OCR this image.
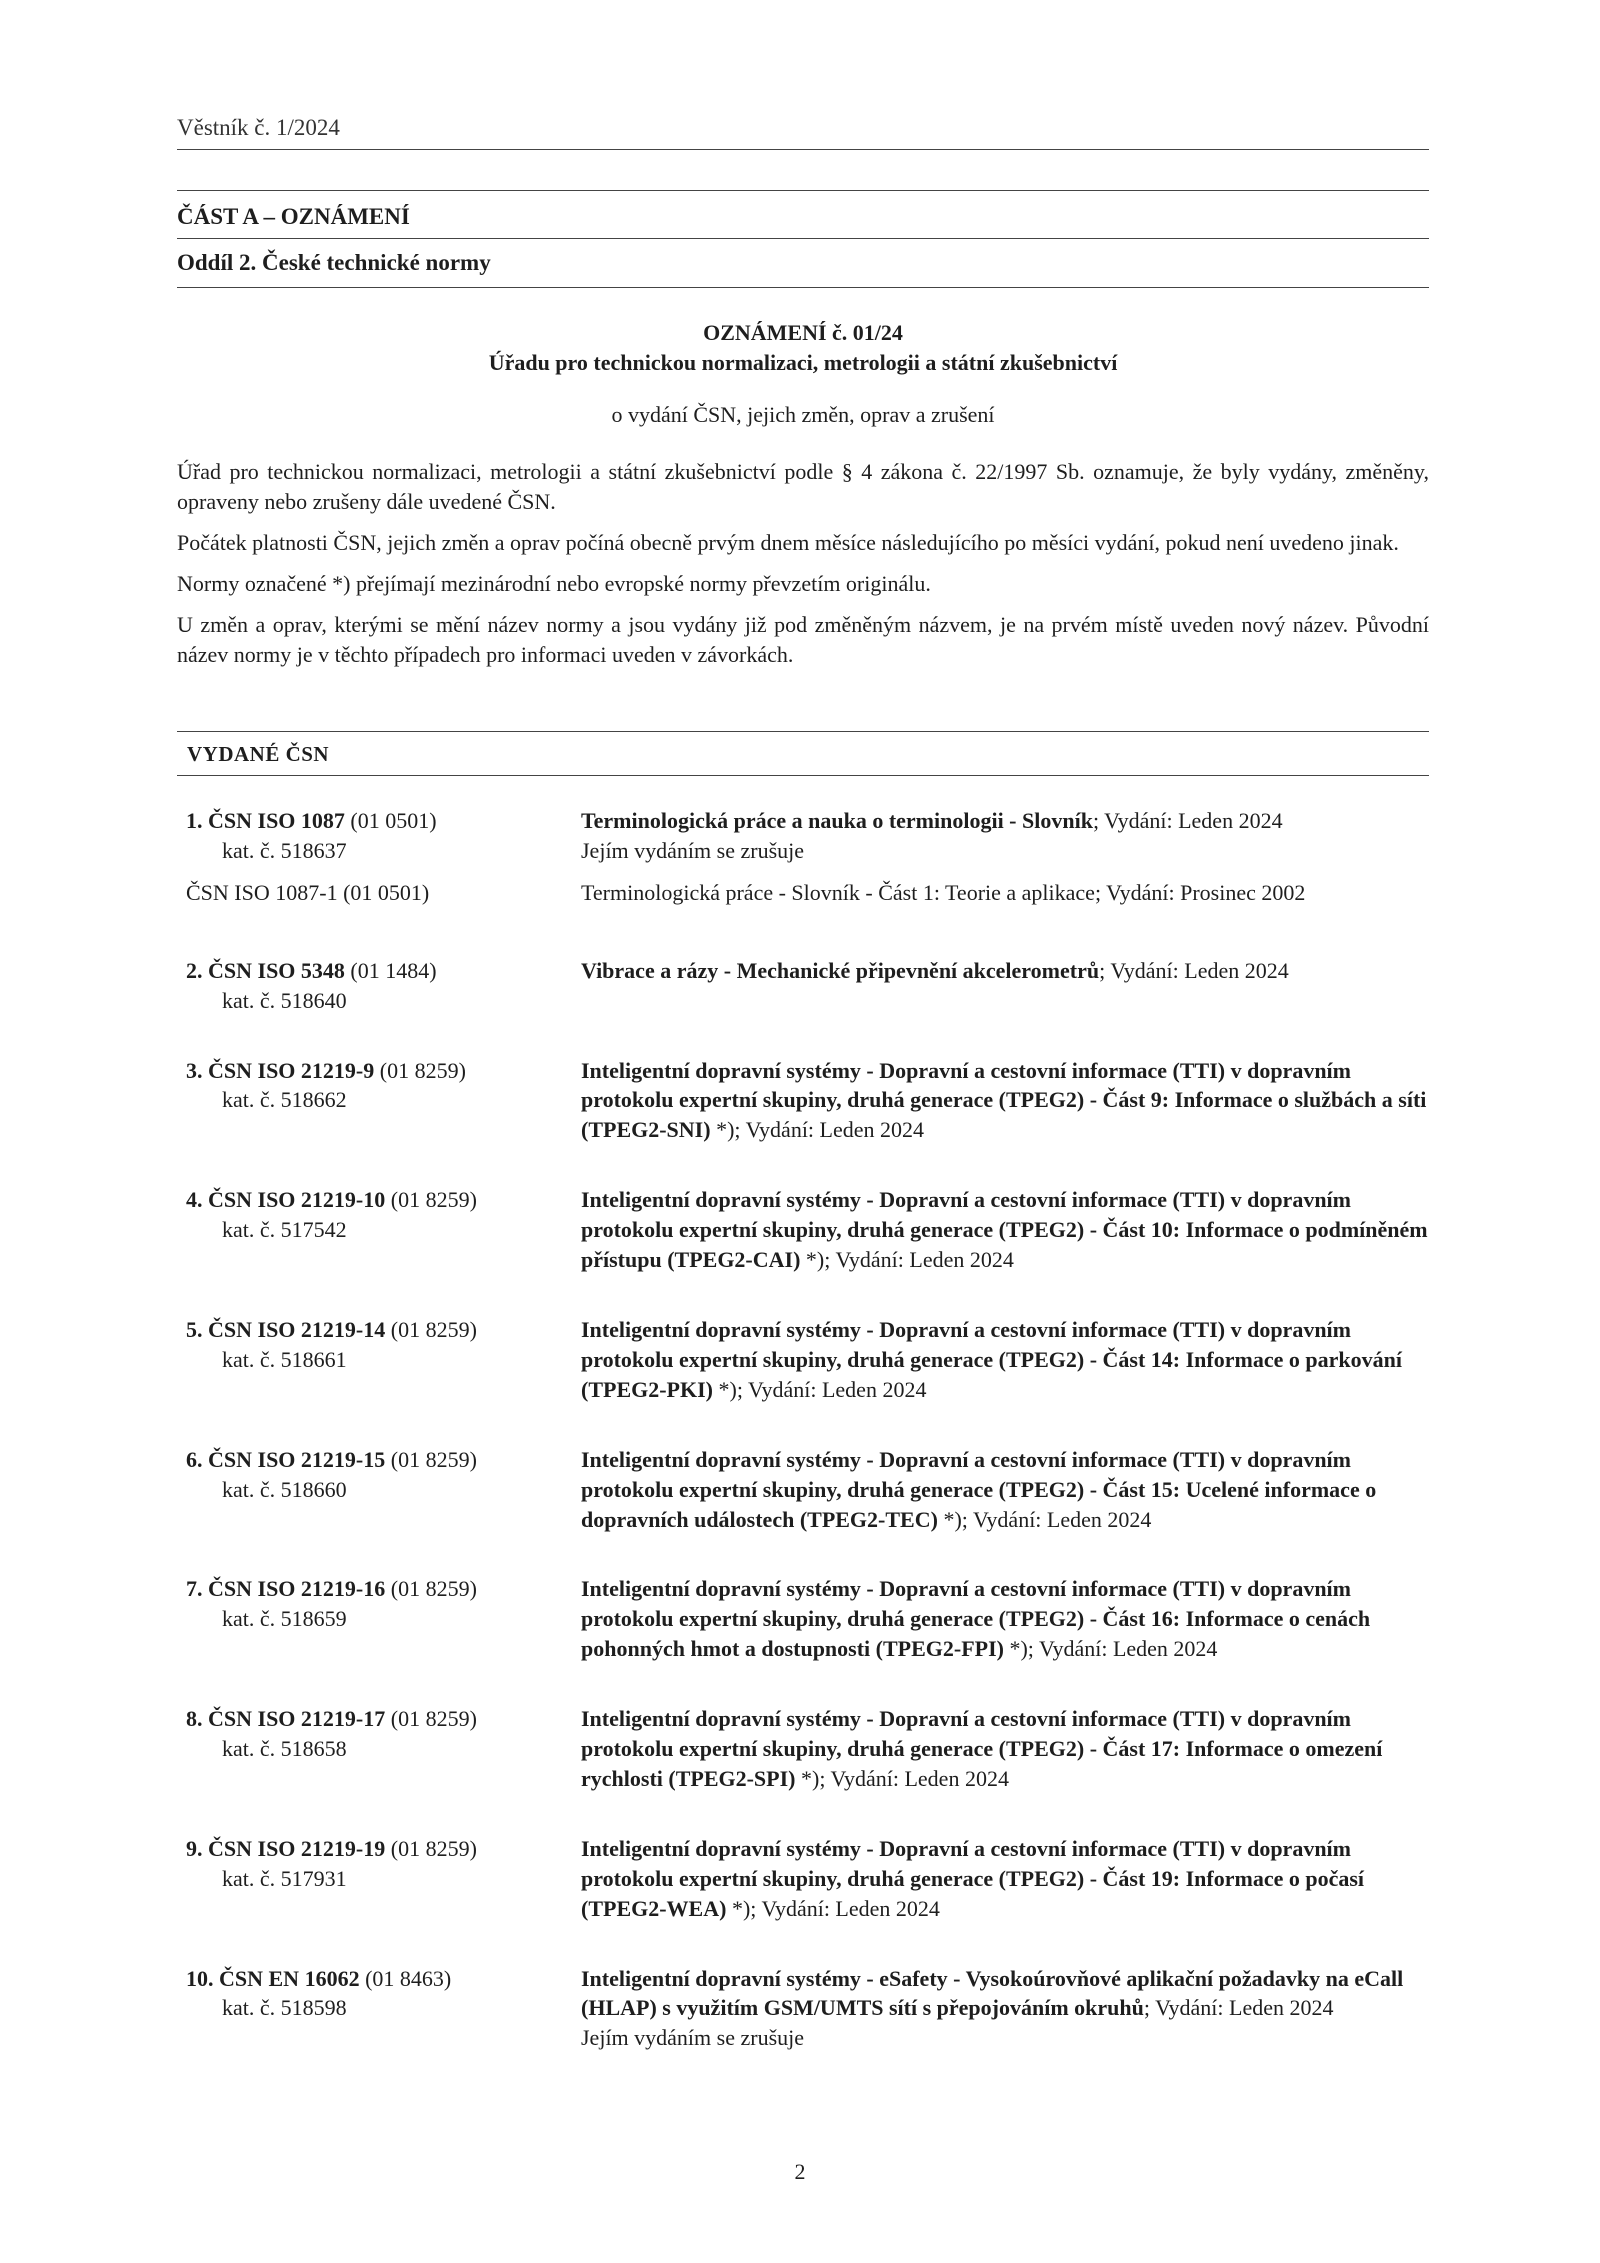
Věstník č. 1/2024
ČÁST A – OZNÁMENÍ
Oddíl 2. České technické normy
OZNÁMENÍ č. 01/24
Úřadu pro technickou normalizaci, metrologii a státní zkušebnictví
o vydání ČSN, jejich změn, oprav a zrušení

Úřad pro technickou normalizaci, metrologii a státní zkušebnictví podle § 4 zákona č. 22/1997 Sb. oznamuje, že byly vydány, změněny, opraveny nebo zrušeny dále uvedené ČSN.

Počátek platnosti ČSN, jejich změn a oprav počíná obecně prvým dnem měsíce následujícího po měsíci vydání, pokud není uvedeno jinak.

Normy označené *) přejímají mezinárodní nebo evropské normy převzetím originálu.

U změn a oprav, kterými se mění název normy a jsou vydány již pod změněným názvem, je na prvém místě uveden nový název. Původní název normy je v těchto případech pro informaci uveden v závorkách.

VYDANÉ ČSN
1. ČSN ISO 1087 (01 0501)
kat. č. 518637
Terminologická práce a nauka o terminologii - Slovník; Vydání: Leden 2024
Jejím vydáním se zrušuje
ČSN ISO 1087-1 (01 0501)	Terminologická práce - Slovník - Část 1: Teorie a aplikace; Vydání: Prosinec 2002
2. ČSN ISO 5348 (01 1484)
kat. č. 518640
Vibrace a rázy - Mechanické připevnění akcelerometrů; Vydání: Leden 2024
3. ČSN ISO 21219-9 (01 8259)
kat. č. 518662
Inteligentní dopravní systémy - Dopravní a cestovní informace (TTI) v dopravním protokolu expertní skupiny, druhá generace (TPEG2) - Část 9: Informace o službách a síti (TPEG2-SNI) *); Vydání: Leden 2024
4. ČSN ISO 21219-10 (01 8259)
kat. č. 517542
Inteligentní dopravní systémy - Dopravní a cestovní informace (TTI) v dopravním protokolu expertní skupiny, druhá generace (TPEG2) - Část 10: Informace o podmíněném přístupu (TPEG2-CAI) *); Vydání: Leden 2024
5. ČSN ISO 21219-14 (01 8259)
kat. č. 518661
Inteligentní dopravní systémy - Dopravní a cestovní informace (TTI) v dopravním protokolu expertní skupiny, druhá generace (TPEG2) - Část 14: Informace o parkování (TPEG2-PKI) *); Vydání: Leden 2024
6. ČSN ISO 21219-15 (01 8259)
kat. č. 518660
Inteligentní dopravní systémy - Dopravní a cestovní informace (TTI) v dopravním protokolu expertní skupiny, druhá generace (TPEG2) - Část 15: Ucelené informace o dopravních událostech (TPEG2-TEC) *); Vydání: Leden 2024
7. ČSN ISO 21219-16 (01 8259)
kat. č. 518659
Inteligentní dopravní systémy - Dopravní a cestovní informace (TTI) v dopravním protokolu expertní skupiny, druhá generace (TPEG2) - Část 16: Informace o cenách pohonných hmot a dostupnosti (TPEG2-FPI) *); Vydání: Leden 2024
8. ČSN ISO 21219-17 (01 8259)
kat. č. 518658
Inteligentní dopravní systémy - Dopravní a cestovní informace (TTI) v dopravním protokolu expertní skupiny, druhá generace (TPEG2) - Část 17: Informace o omezení rychlosti (TPEG2-SPI) *); Vydání: Leden 2024
9. ČSN ISO 21219-19 (01 8259)
kat. č. 517931
Inteligentní dopravní systémy - Dopravní a cestovní informace (TTI) v dopravním protokolu expertní skupiny, druhá generace (TPEG2) - Část 19: Informace o počasí (TPEG2-WEA) *); Vydání: Leden 2024
10. ČSN EN 16062 (01 8463)
kat. č. 518598
Inteligentní dopravní systémy - eSafety - Vysokoúrovňové aplikační požadavky na eCall (HLAP) s využitím GSM/UMTS sítí s přepojováním okruhů; Vydání: Leden 2024
Jejím vydáním se zrušuje
2
